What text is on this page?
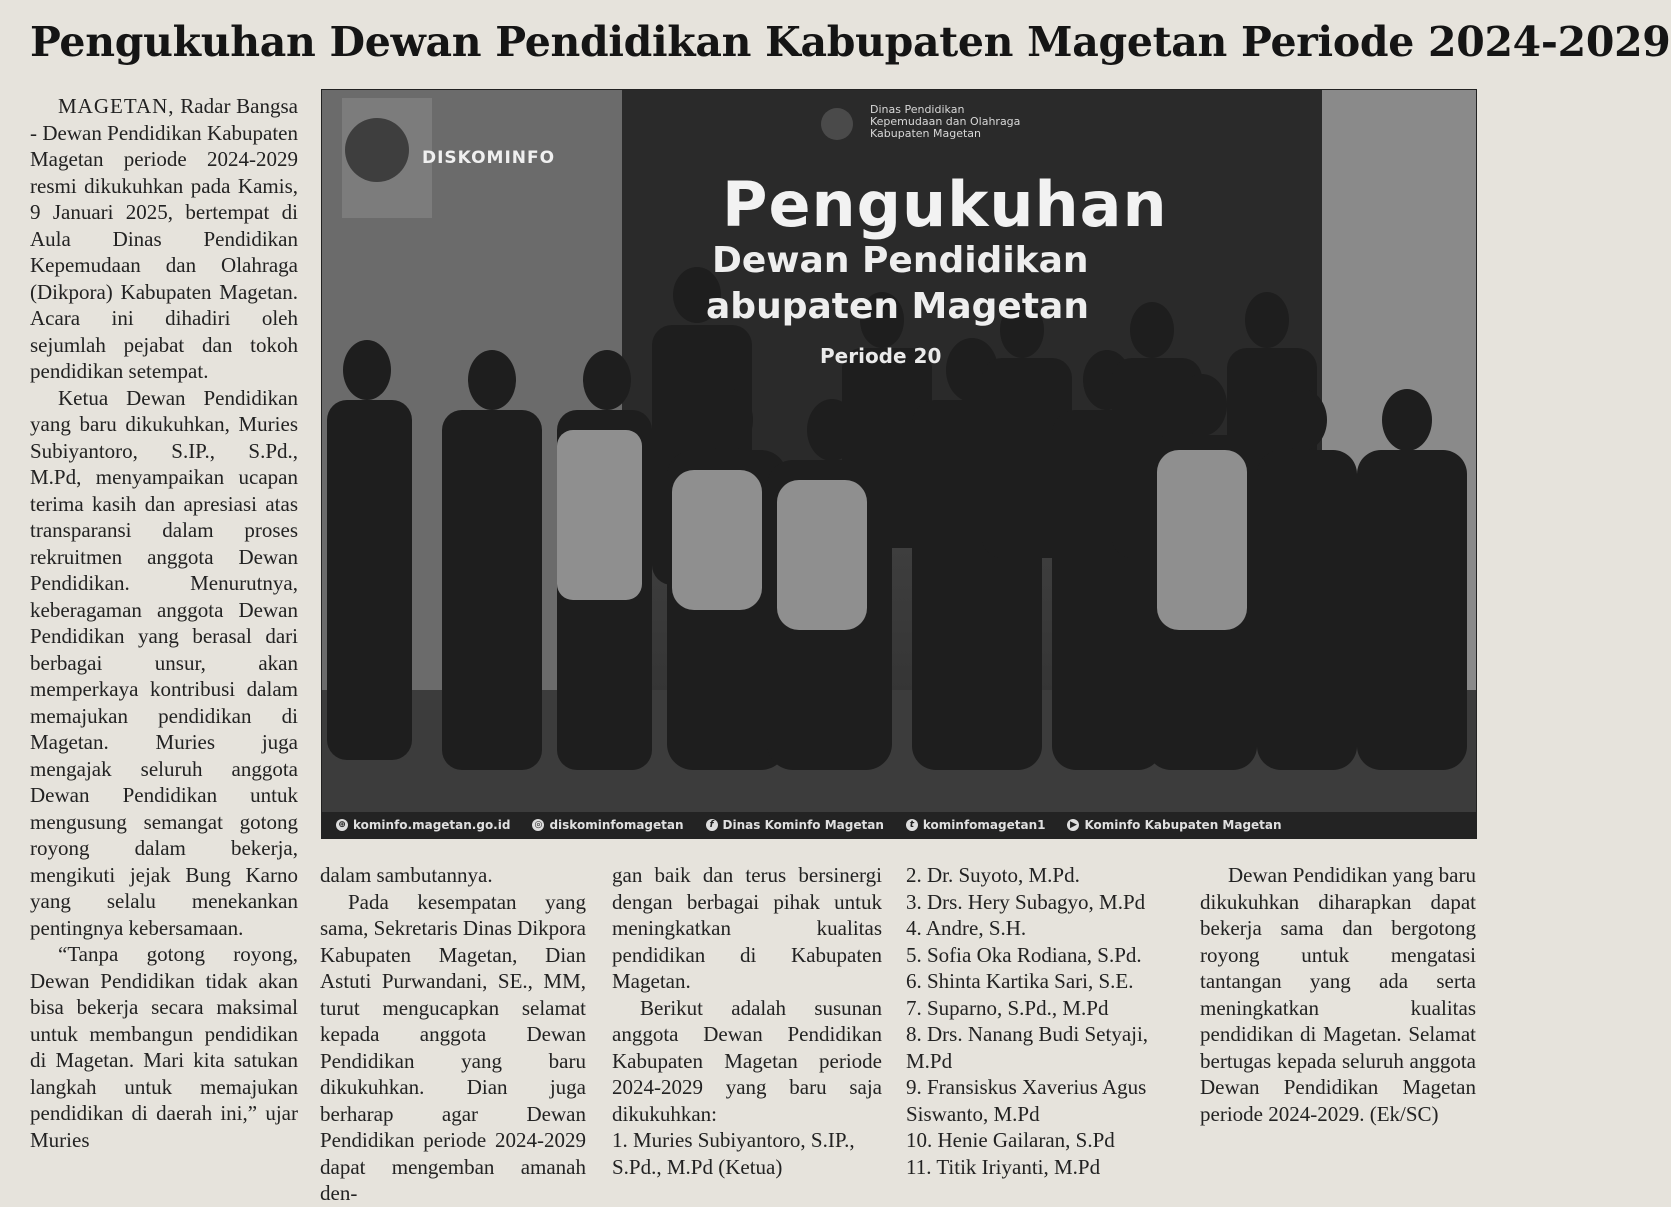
Pengukuhan Dewan Pendidikan Kabupaten Magetan Periode 2024-2029

MAGETAN, Radar Bangsa - Dewan Pendidikan Kabupaten Magetan periode 2024-2029 resmi dikukuhkan pada Kamis, 9 Januari 2025, bertempat di Aula Dinas Pendidikan Kepemudaan dan Olahraga (Dikpora) Kabupaten Magetan. Acara ini dihadiri oleh sejumlah pejabat dan tokoh pendidikan setempat.

Ketua Dewan Pendidikan yang baru dikukuhkan, Muries Subiyantoro, S.IP., S.Pd., M.Pd, menyampaikan ucapan terima kasih dan apresiasi atas transparansi dalam proses rekruitmen anggota Dewan Pendidikan. Menurutnya, keberagaman anggota Dewan Pendidikan yang berasal dari berbagai unsur, akan memperkaya kontribusi dalam memajukan pendidikan di Magetan. Muries juga mengajak seluruh anggota Dewan Pendidikan untuk mengusung semangat gotong royong dalam bekerja, mengikuti jejak Bung Karno yang selalu menekankan pentingnya kebersamaan.

“Tanpa gotong royong, Dewan Pendidikan tidak akan bisa bekerja secara maksimal untuk membangun pendidikan di Magetan. Mari kita satukan langkah untuk memajukan pendidikan di daerah ini,” ujar Muries

Dinas Pendidikan
Kepemudaan dan Olahraga
Kabupaten Magetan
DISKOMINFO
Pengukuhan
Dewan Pendidikan
abupaten Magetan
Periode 20
⊕ kominfo.magetan.go.id	◎ diskominfomagetan	f Dinas Kominfo Magetan	t kominfomagetan1	▶ Kominfo Kabupaten Magetan

dalam sambutannya.

Pada kesempatan yang sama, Sekretaris Dinas Dikpora Kabupaten Magetan, Dian Astuti Purwandani, SE., MM, turut mengucapkan selamat kepada anggota Dewan Pendidikan yang baru dikukuhkan. Dian juga berharap agar Dewan Pendidikan periode 2024-2029 dapat mengemban amanah den-

gan baik dan terus bersinergi dengan berbagai pihak untuk meningkatkan kualitas pendidikan di Kabupaten Magetan.

Berikut adalah susunan anggota Dewan Pendidikan Kabupaten Magetan periode 2024-2029 yang baru saja dikukuhkan:

1. Muries Subiyantoro, S.IP.,

S.Pd., M.Pd (Ketua)

2. Dr. Suyoto, M.Pd.
3. Drs. Hery Subagyo, M.Pd
4. Andre, S.H.
5. Sofia Oka Rodiana, S.Pd.
6. Shinta Kartika Sari, S.E.
7. Suparno, S.Pd., M.Pd
8. Drs. Nanang Budi Setyaji, M.Pd
9. Fransiskus Xaverius Agus Siswanto, M.Pd
10. Henie Gailaran, S.Pd
11. Titik Iriyanti, M.Pd

Dewan Pendidikan yang baru dikukuhkan diharapkan dapat bekerja sama dan bergotong royong untuk mengatasi tantangan yang ada serta meningkatkan kualitas pendidikan di Magetan. Selamat bertugas kepada seluruh anggota Dewan Pendidikan Magetan periode 2024-2029. (Ek/SC)
